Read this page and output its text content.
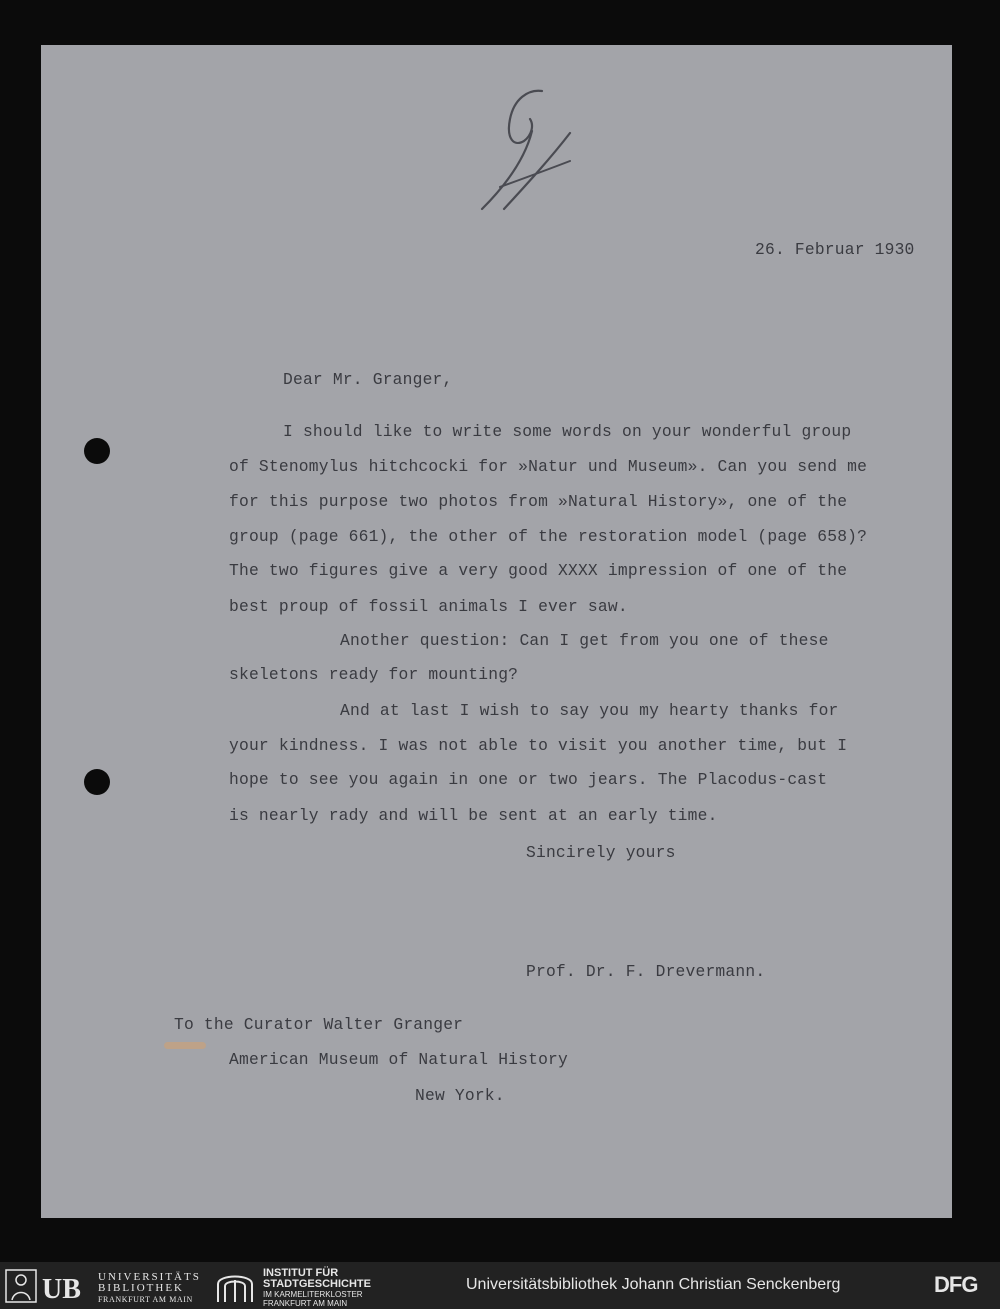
26. Februar 1930
Dear Mr. Granger,
I should like to write some words on your wonderful group
of Stenomylus hitchcocki for »Natur und Museum». Can you send me
for this purpose two photos from »Natural History», one of the
group (page 661), the other of the restoration model (page 658)?
The two figures give a very good XXXX impression of one of the
best proup of fossil animals I ever saw.
Another question: Can I get from you one of these
skeletons ready for mounting?
And at last I wish to say you my hearty thanks for
your kindness. I was not able to visit you another time, but I
hope to see you again in one or two jears. The Placodus-cast
is nearly rady and will be sent at an early time.
Sincirely yours
Prof. Dr. F. Drevermann.
To the Curator Walter Granger
American Museum of Natural History
New York.
UB UNIVERSITÄTS
BIBLIOTHEK
FRANKFURT AM MAIN
INSTITUT FÜR
STADTGESCHICHTE
IM KARMELITERKLOSTER
FRANKFURT AM MAIN
Universitätsbibliothek Johann Christian Senckenberg	DFG
